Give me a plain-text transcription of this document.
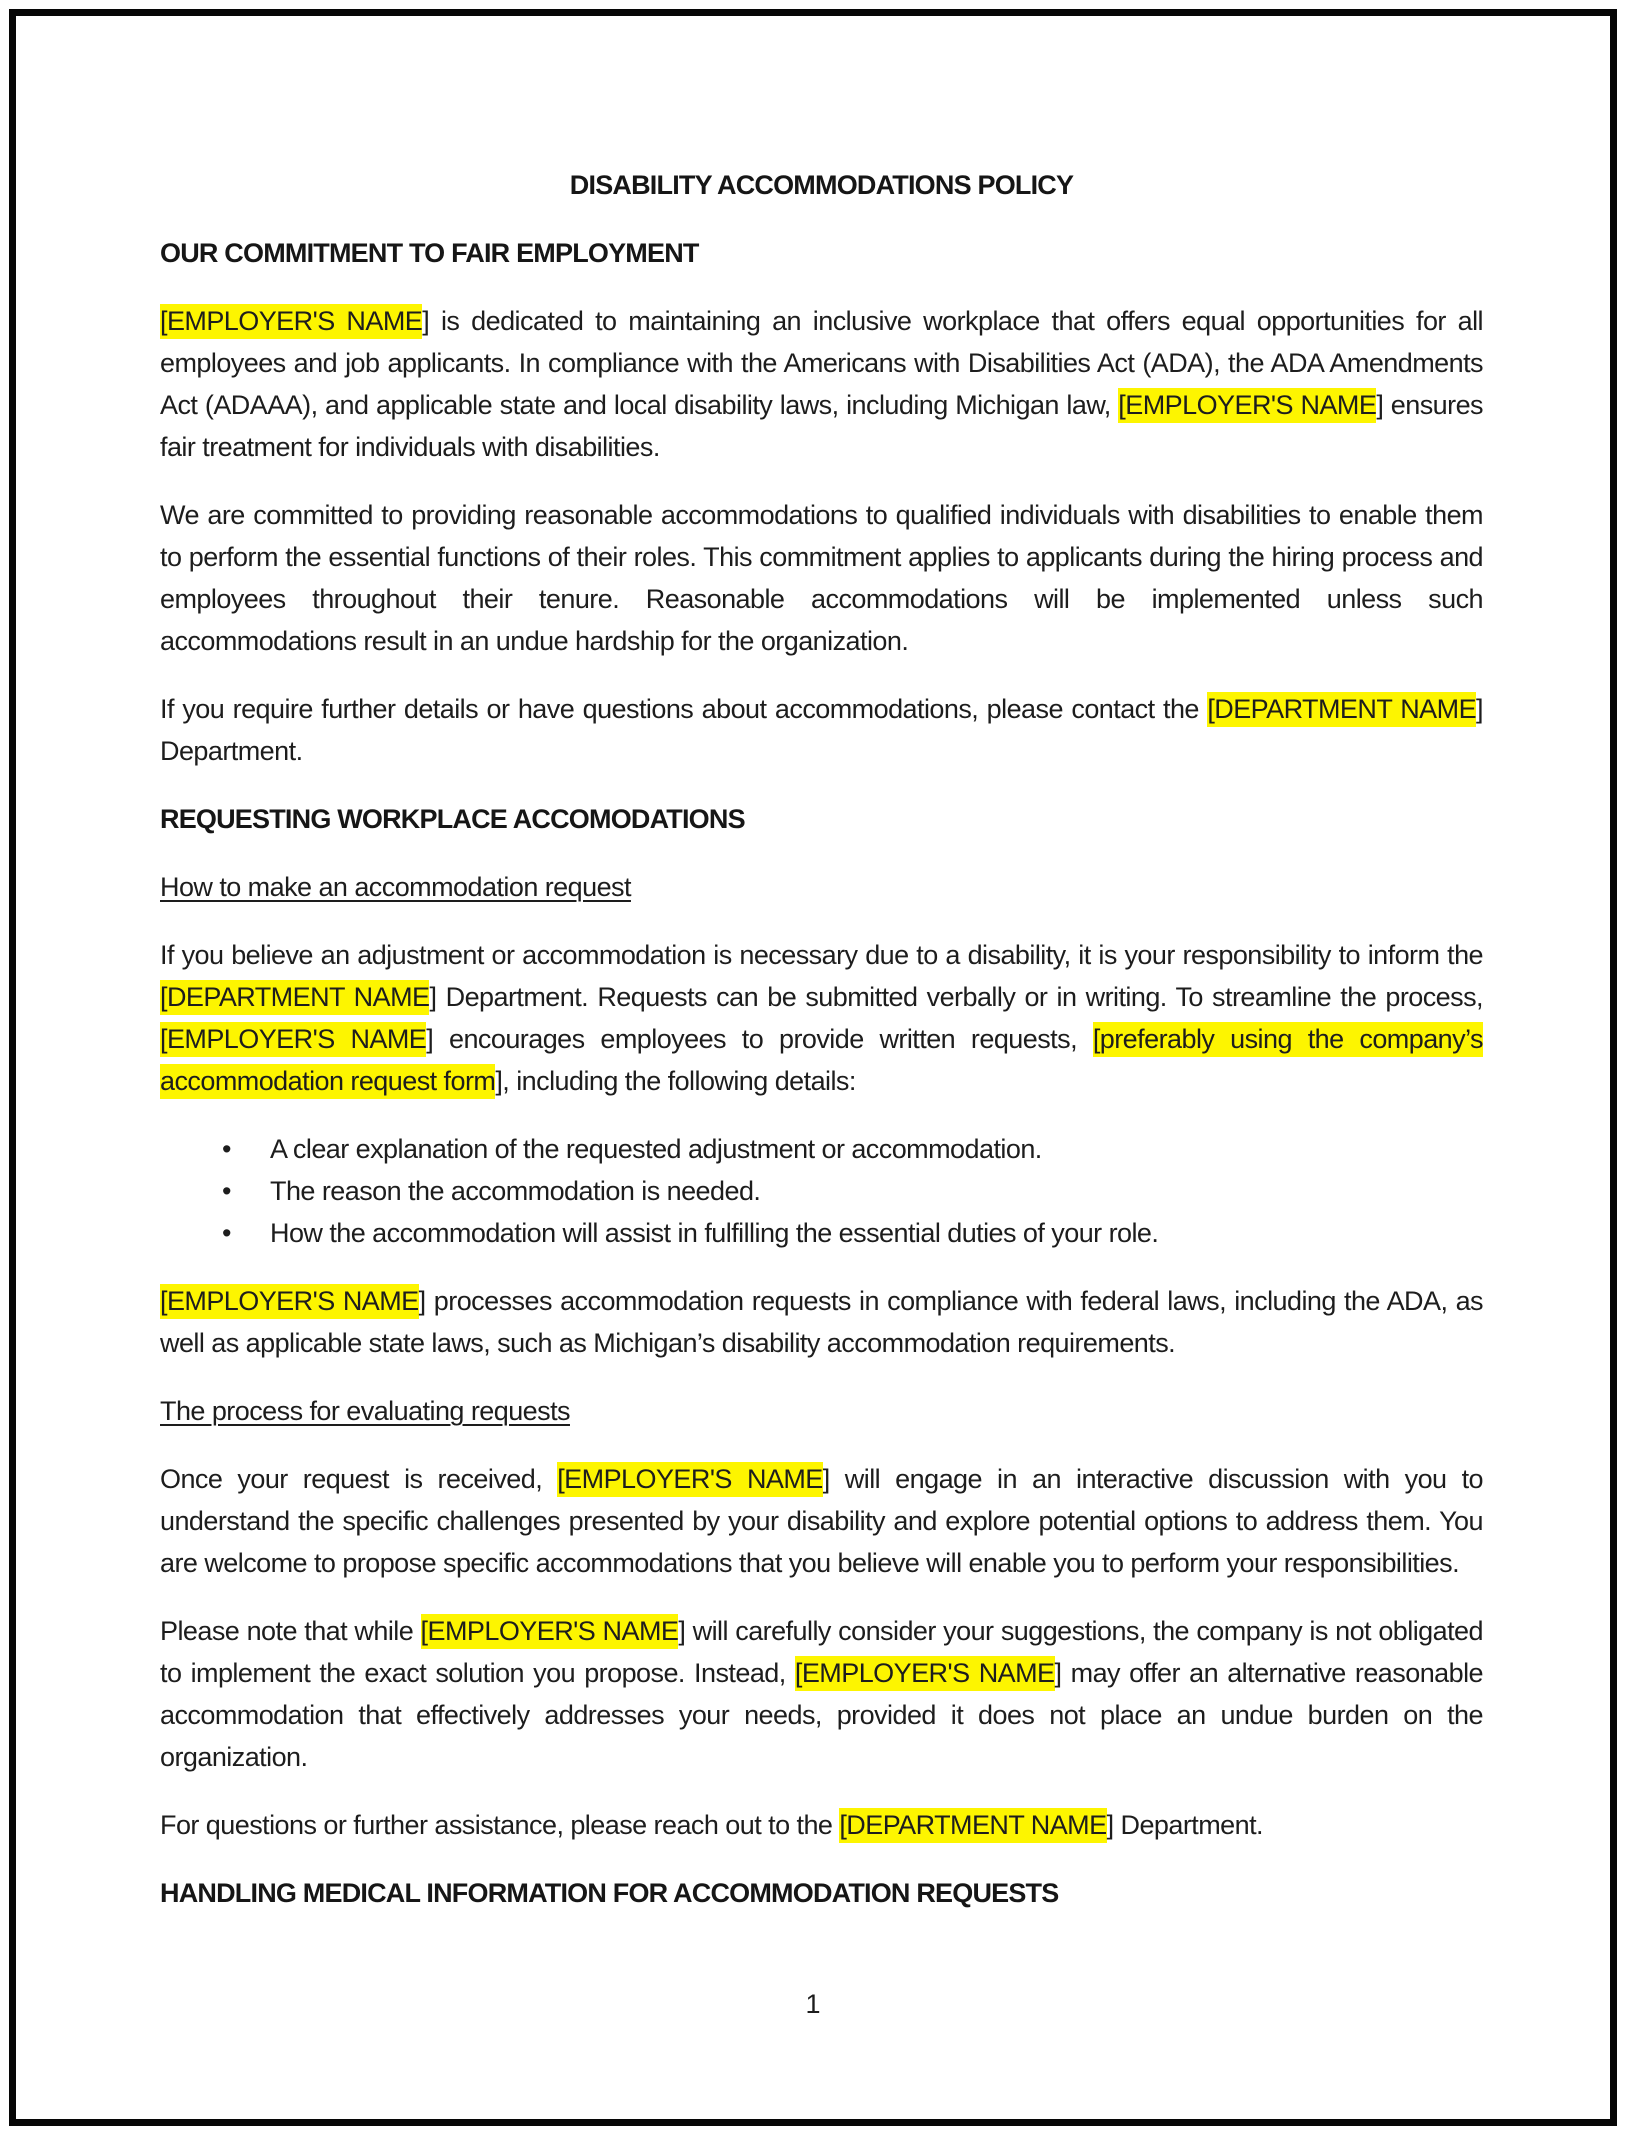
DISABILITY ACCOMMODATIONS POLICY
OUR COMMITMENT TO FAIR EMPLOYMENT
[EMPLOYER'S NAME] is dedicated to maintaining an inclusive workplace that offers equal opportunities for all employees and job applicants. In compliance with the Americans with Disabilities Act (ADA), the ADA Amendments Act (ADAAA), and applicable state and local disability laws, including Michigan law, [EMPLOYER'S NAME] ensures fair treatment for individuals with disabilities.
We are committed to providing reasonable accommodations to qualified individuals with disabilities to enable them to perform the essential functions of their roles. This commitment applies to applicants during the hiring process and employees throughout their tenure. Reasonable accommodations will be implemented unless such accommodations result in an undue hardship for the organization.
If you require further details or have questions about accommodations, please contact the [DEPARTMENT NAME] Department.
REQUESTING WORKPLACE ACCOMODATIONS
How to make an accommodation request
If you believe an adjustment or accommodation is necessary due to a disability, it is your responsibility to inform the [DEPARTMENT NAME] Department. Requests can be submitted verbally or in writing. To streamline the process, [EMPLOYER'S NAME] encourages employees to provide written requests, [preferably using the company’s accommodation request form], including the following details:
• A clear explanation of the requested adjustment or accommodation.
• The reason the accommodation is needed.
• How the accommodation will assist in fulfilling the essential duties of your role.
[EMPLOYER'S NAME] processes accommodation requests in compliance with federal laws, including the ADA, as well as applicable state laws, such as Michigan’s disability accommodation requirements.
The process for evaluating requests
Once your request is received, [EMPLOYER'S NAME] will engage in an interactive discussion with you to understand the specific challenges presented by your disability and explore potential options to address them. You are welcome to propose specific accommodations that you believe will enable you to perform your responsibilities.
Please note that while [EMPLOYER'S NAME] will carefully consider your suggestions, the company is not obligated to implement the exact solution you propose. Instead, [EMPLOYER'S NAME] may offer an alternative reasonable accommodation that effectively addresses your needs, provided it does not place an undue burden on the organization.
For questions or further assistance, please reach out to the [DEPARTMENT NAME] Department.
HANDLING MEDICAL INFORMATION FOR ACCOMMODATION REQUESTS
1
